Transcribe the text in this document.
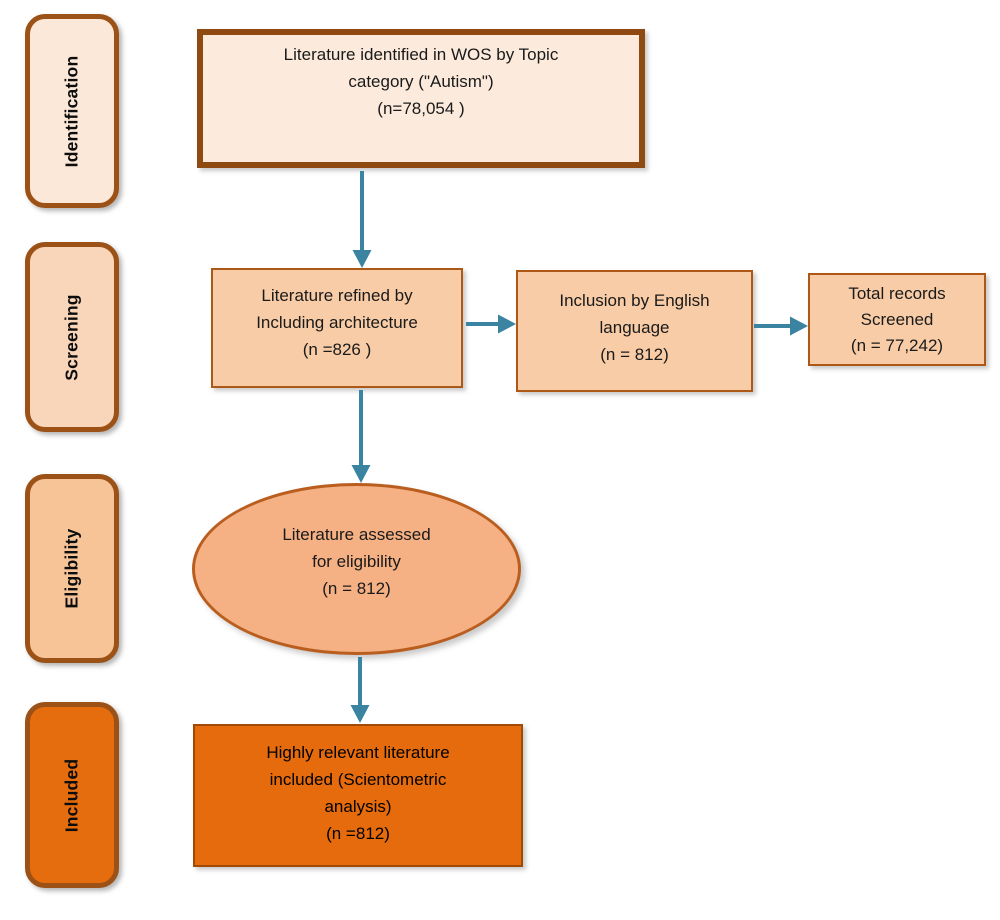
Identification
Screening
Eligibility
Included
Literature identified in WOS by Topic
category ("Autism")
(n=78,054 )
Literature refined by
Including architecture
(n =826 )
Inclusion by English
language
(n = 812)
Total records
Screened
(n = 77,242)
Literature assessed
for eligibility
(n = 812)
Highly relevant literature
included (Scientometric
analysis)
(n =812)
